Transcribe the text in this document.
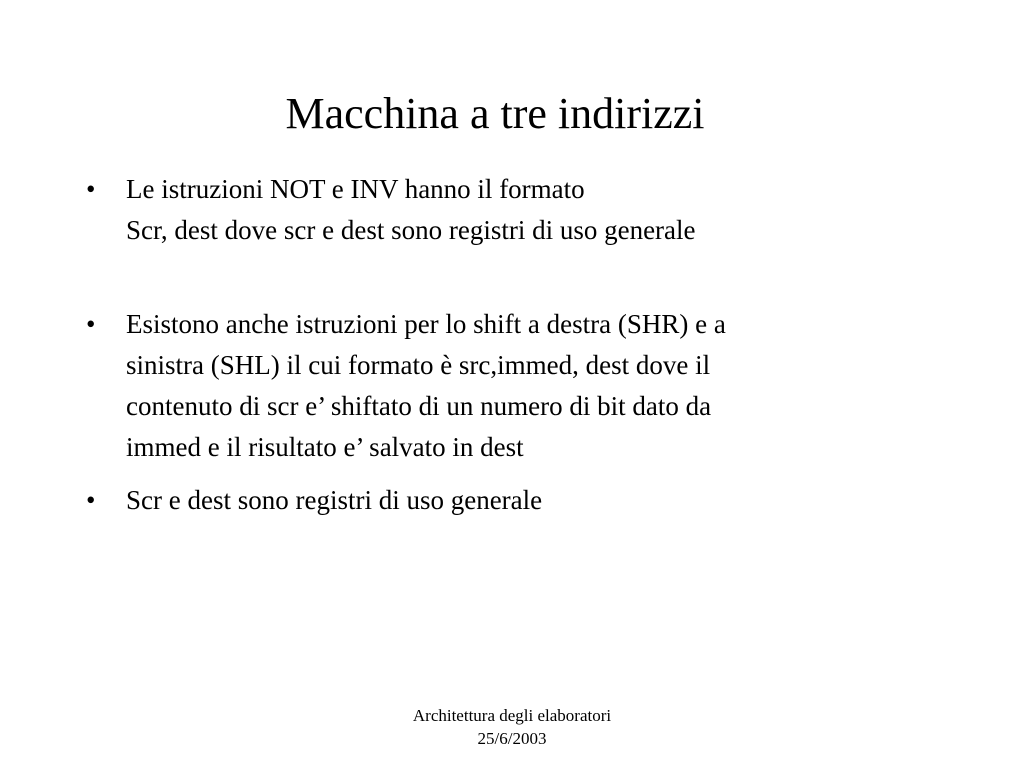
Macchina a tre indirizzi
•	Le istruzioni NOT e INV hanno il formato
Scr, dest dove scr e dest sono registri di uso generale
•	Esistono anche istruzioni per lo shift a destra (SHR) e a
sinistra (SHL) il cui formato è src,immed, dest dove il
contenuto di scr e’ shiftato di un numero di bit dato da
immed e il risultato e’ salvato in dest
•	Scr e dest sono registri di uso generale
Architettura degli elaboratori
25/6/2003
